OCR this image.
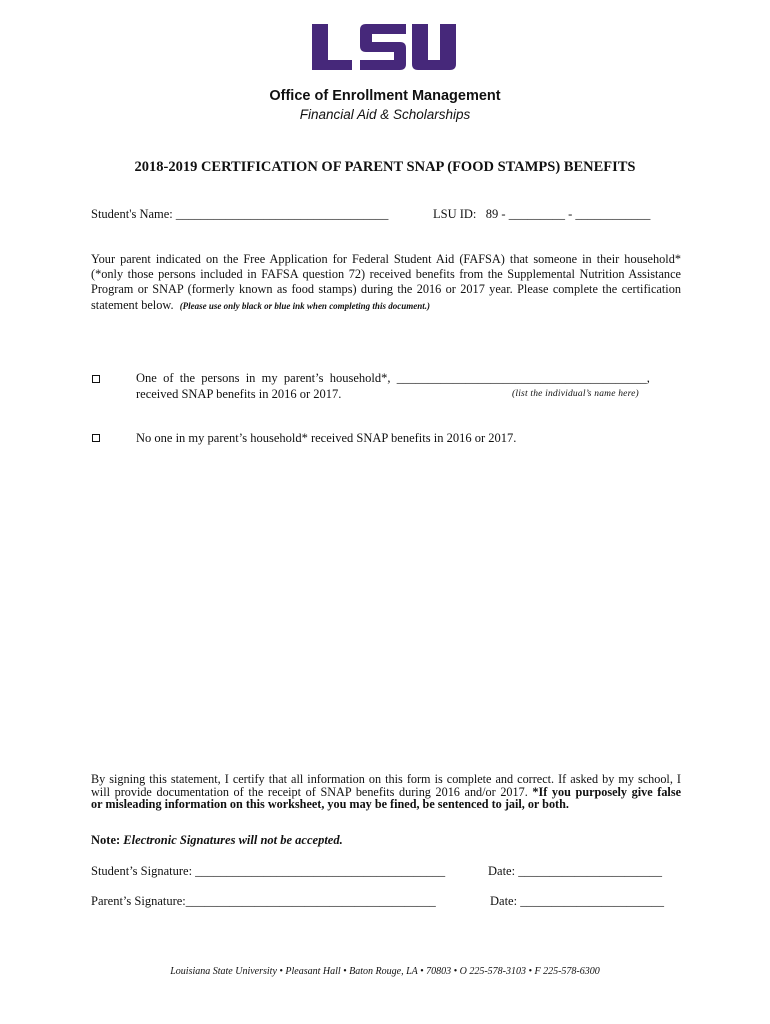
Office of Enrollment Management
Financial Aid & Scholarships
2018-2019 CERTIFICATION OF PARENT SNAP (FOOD STAMPS) BENEFITS
Student's Name: __________________________________	LSU ID:   89 - _________ - ____________

Your parent indicated on the Free Application for Federal Student Aid (FAFSA) that someone in their household*

(*only those persons included in FAFSA question 72) received benefits from the Supplemental Nutrition Assistance

Program or SNAP (formerly known as food stamps) during the 2016 or 2017 year. Please complete the certification

statement below. (Please use only black or blue ink when completing this document.)

One  of  the  persons  in  my  parent’s  household*,  ________________________________________,
received SNAP benefits in 2016 or 2017.	(list the individual’s name here)
No one in my parent’s household* received SNAP benefits in 2016 or 2017.

By signing this statement, I certify that all information on this form is complete and correct. If asked by my school, I

will provide documentation of the receipt of SNAP benefits during 2016 and/or 2017. *If you purposely give false

or misleading information on this worksheet, you may be fined, be sentenced to jail, or both.

Note: Electronic Signatures will not be accepted.
Student’s Signature: ________________________________________	Date: _______________________
Parent’s Signature:________________________________________	Date: _______________________
Louisiana State University • Pleasant Hall • Baton Rouge, LA • 70803 • O 225-578-3103 • F 225-578-6300
